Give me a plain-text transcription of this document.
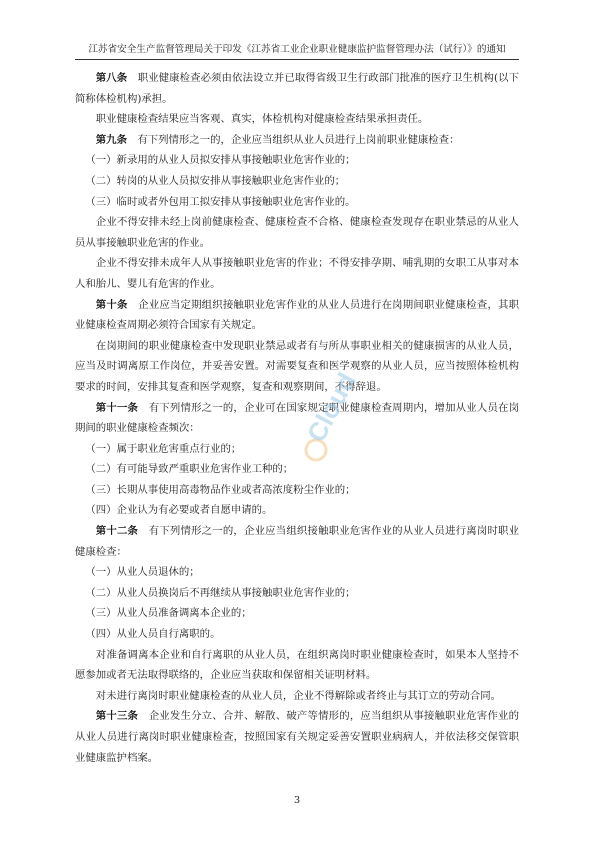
江苏省安全生产监督管理局关于印发《江苏省工业企业职业健康监护监督管理办法（试行）》的通知

第八条  职业健康检查必须由依法设立并已取得省级卫生行政部门批准的医疗卫生机构(以下简称体检机构)承担。

职业健康检查结果应当客观、真实，体检机构对健康检查结果承担责任。

第九条  有下列情形之一的，企业应当组织从业人员进行上岗前职业健康检查：

（一）新录用的从业人员拟安排从事接触职业危害作业的；

（二）转岗的从业人员拟安排从事接触职业危害作业的；

（三）临时或者外包用工拟安排从事接触职业危害作业的。

企业不得安排未经上岗前健康检查、健康检查不合格、健康检查发现存在职业禁忌的从业人员从事接触职业危害的作业。

企业不得安排未成年人从事接触职业危害的作业；不得安排孕期、哺乳期的女职工从事对本人和胎儿、婴儿有危害的作业。

第十条  企业应当定期组织接触职业危害作业的从业人员进行在岗期间职业健康检查，其职业健康检查周期必须符合国家有关规定。

在岗期间的职业健康检查中发现职业禁忌或者有与所从事职业相关的健康损害的从业人员，应当及时调离原工作岗位，并妥善安置。对需要复查和医学观察的从业人员，应当按照体检机构要求的时间，安排其复查和医学观察，复查和观察期间，不得辞退。

第十一条  有下列情形之一的，企业可在国家规定职业健康检查周期内，增加从业人员在岗期间的职业健康检查频次：

（一）属于职业危害重点行业的；

（二）有可能导致严重职业危害作业工种的；

（三）长期从事使用高毒物品作业或者高浓度粉尘作业的；

（四）企业认为有必要或者自愿申请的。

第十二条  有下列情形之一的，企业应当组织接触职业危害作业的从业人员进行离岗时职业健康检查：

（一）从业人员退休的；

（二）从业人员换岗后不再继续从事接触职业危害作业的；

（三）从业人员准备调离本企业的；

（四）从业人员自行离职的。

对准备调离本企业和自行离职的从业人员，在组织离岗时职业健康检查时，如果本人坚持不愿参加或者无法取得联络的，企业应当获取和保留相关证明材料。

对未进行离岗时职业健康检查的从业人员，企业不得解除或者终止与其订立的劳动合同。

第十三条  企业发生分立、合并、解散、破产等情形的，应当组织从事接触职业危害作业的从业人员进行离岗时职业健康检查，按照国家有关规定妥善安置职业病病人，并依法移交保管职业健康监护档案。

Cloud
3
